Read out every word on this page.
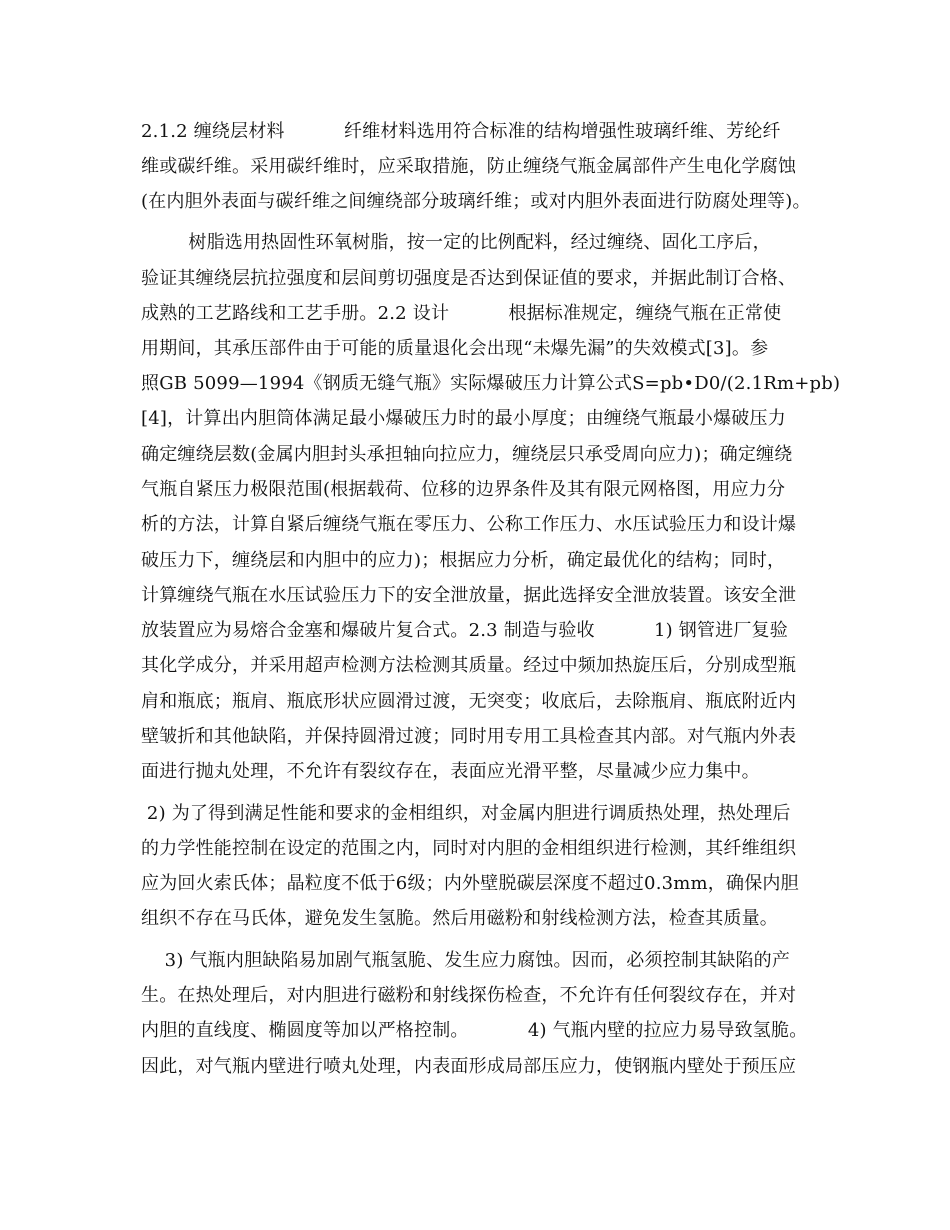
2.1.2 缠绕层材料          纤维材料选用符合标准的结构增强性玻璃纤维、芳纶纤
维或碳纤维。采用碳纤维时，应采取措施，防止缠绕气瓶金属部件产生电化学腐蚀
(在内胆外表面与碳纤维之间缠绕部分玻璃纤维；或对内胆外表面进行防腐处理等)。
树脂选用热固性环氧树脂，按一定的比例配料，经过缠绕、固化工序后，
验证其缠绕层抗拉强度和层间剪切强度是否达到保证值的要求，并据此制订合格、
成熟的工艺路线和工艺手册。2.2 设计          根据标准规定，缠绕气瓶在正常使
用期间，其承压部件由于可能的质量退化会出现“未爆先漏”的失效模式[3]。参
照GB 5099—1994《钢质无缝气瓶》实际爆破压力计算公式S=pb•D0/(2.1Rm+pb)
[4]，计算出内胆筒体满足最小爆破压力时的最小厚度；由缠绕气瓶最小爆破压力
确定缠绕层数(金属内胆封头承担轴向拉应力，缠绕层只承受周向应力)；确定缠绕
气瓶自紧压力极限范围(根据载荷、位移的边界条件及其有限元网格图，用应力分
析的方法，计算自紧后缠绕气瓶在零压力、公称工作压力、水压试验压力和设计爆
破压力下，缠绕层和内胆中的应力)；根据应力分析，确定最优化的结构；同时，
计算缠绕气瓶在水压试验压力下的安全泄放量，据此选择安全泄放装置。该安全泄
放装置应为易熔合金塞和爆破片复合式。2.3 制造与验收          1) 钢管进厂复验
其化学成分，并采用超声检测方法检测其质量。经过中频加热旋压后，分别成型瓶
肩和瓶底；瓶肩、瓶底形状应圆滑过渡，无突变；收底后，去除瓶肩、瓶底附近内
壁皱折和其他缺陷，并保持圆滑过渡；同时用专用工具检查其内部。对气瓶内外表
面进行抛丸处理，不允许有裂纹存在，表面应光滑平整，尽量减少应力集中。
2) 为了得到满足性能和要求的金相组织，对金属内胆进行调质热处理，热处理后
的力学性能控制在设定的范围之内，同时对内胆的金相组织进行检测，其纤维组织
应为回火索氏体；晶粒度不低于6级；内外壁脱碳层深度不超过0.3mm，确保内胆
组织不存在马氏体，避免发生氢脆。然后用磁粉和射线检测方法，检查其质量。
3) 气瓶内胆缺陷易加剧气瓶氢脆、发生应力腐蚀。因而，必须控制其缺陷的产
生。在热处理后，对内胆进行磁粉和射线探伤检查，不允许有任何裂纹存在，并对
内胆的直线度、椭圆度等加以严格控制。          4) 气瓶内壁的拉应力易导致氢脆。
因此，对气瓶内壁进行喷丸处理，内表面形成局部压应力，使钢瓶内壁处于预压应
